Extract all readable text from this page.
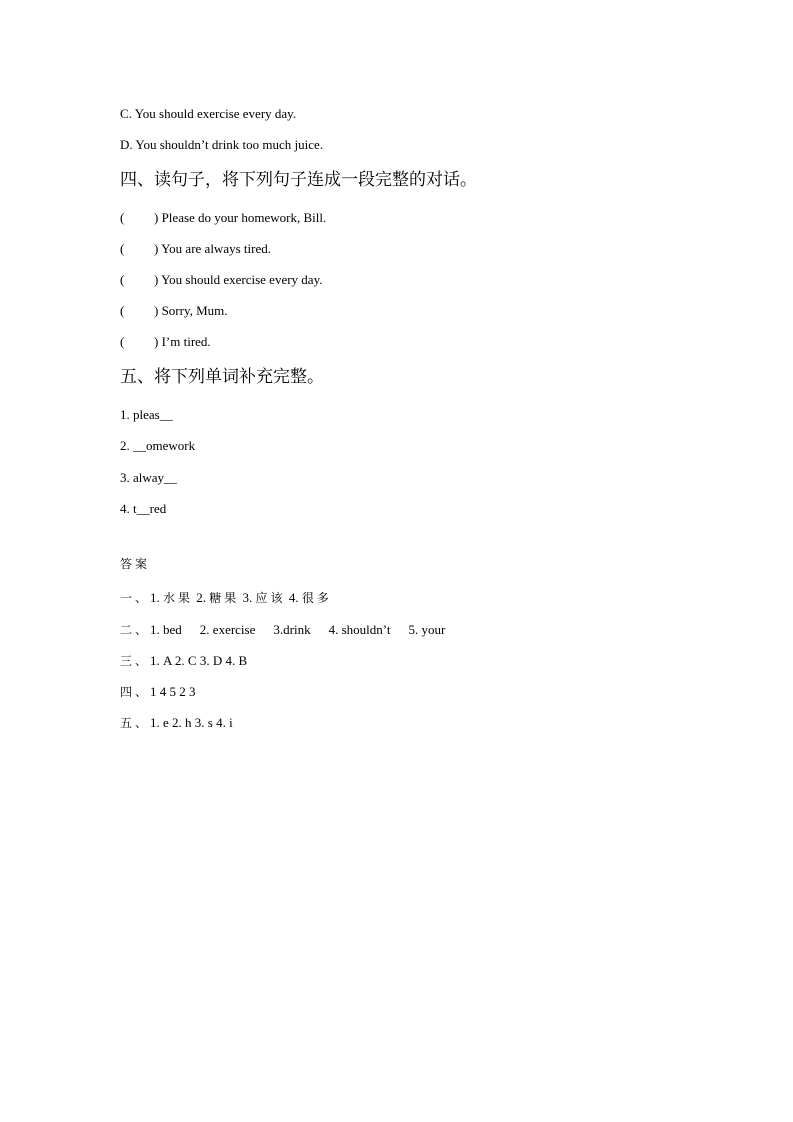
C. You should exercise every day.
D. You shouldn’t drink too much juice.
四、读句子，将下列句子连成一段完整的对话。
( ) Please do your homework, Bill.
( ) You are always tired.
( ) You should exercise every day.
( ) Sorry, Mum.
( ) I’m tired.
五、将下列单词补充完整。
1. pleas__
2. __omework
3. alway__
4. t__red
答案
一、1. 水果 2. 糖果 3. 应该 4. 很多
二、1. bed 2. exercise 3.drink 4. shouldn’t 5. your
三、1. A 2. C 3. D 4. B
四、1 4 5 2 3
五、1. e 2. h 3. s 4. i
